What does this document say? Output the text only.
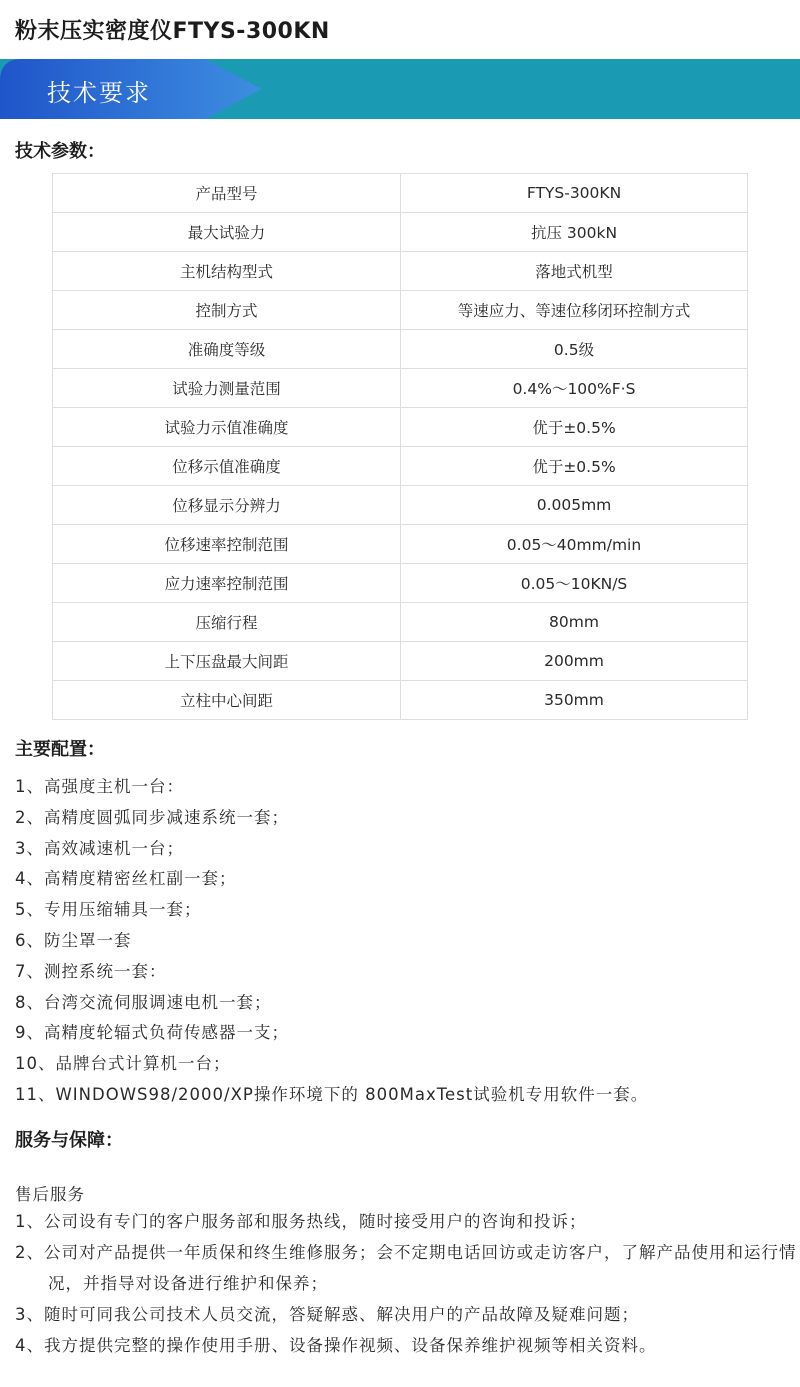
粉末压实密度仪FTYS-300KN
技术要求
技术参数：
产品型号	FTYS-300KN
最大试验力	抗压 300kN
主机结构型式	落地式机型
控制方式	等速应力、等速位移闭环控制方式
准确度等级	0.5级
试验力测量范围	0.4%～100%F·S
试验力示值准确度	优于±0.5%
位移示值准确度	优于±0.5%
位移显示分辨力	0.005mm
位移速率控制范围	0.05～40mm/min
应力速率控制范围	0.05～10KN/S
压缩行程	80mm
上下压盘最大间距	200mm
立柱中心间距	350mm
主要配置：
1、高强度主机一台：
2、高精度圆弧同步减速系统一套；
3、高效减速机一台；
4、高精度精密丝杠副一套；
5、专用压缩辅具一套；
6、防尘罩一套
7、测控系统一套：
8、台湾交流伺服调速电机一套；
9、高精度轮辐式负荷传感器一支；
10、品牌台式计算机一台；
11、WINDOWS98/2000/XP操作环境下的 800MaxTest试验机专用软件一套。
服务与保障：
售后服务
1、公司设有专门的客户服务部和服务热线，随时接受用户的咨询和投诉；
2、公司对产品提供一年质保和终生维修服务；会不定期电话回访或走访客户，了解产品使用和运行情况，并指导对设备进行维护和保养；
3、随时可同我公司技术人员交流，答疑解惑、解决用户的产品故障及疑难问题；
4、我方提供完整的操作使用手册、设备操作视频、设备保养维护视频等相关资料。
